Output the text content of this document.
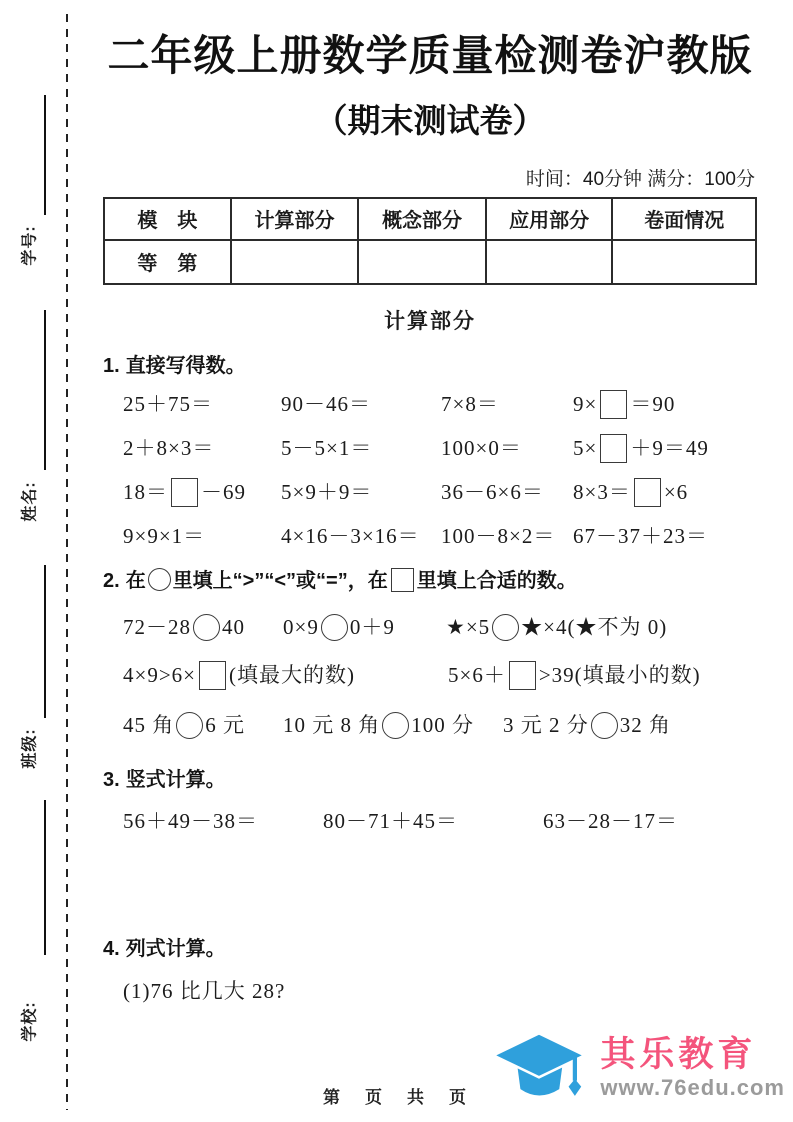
学号:
姓名:
班级:
学校:
二年级上册数学质量检测卷沪教版
（期末测试卷）
时间：40分钟 满分：100分
模　块	计算部分	概念部分	应用部分	卷面情况
等　第				
计算部分
1. 直接写得数。
25＋75＝	90－46＝	7×8＝	9× ＝90
2＋8×3＝	5－5×1＝	100×0＝	5× ＋9＝49
18＝ －69	5×9＋9＝	36－6×6＝	8×3＝ ×6
9×9×1＝	4×16－3×16＝	100－8×2＝ 67－37＋23＝
2. 在 里填上“>”“<”或“=”，在 里填上合适的数。
72－28 40	0×9 0＋9	★×5 ★×4(★不为 0)
4×9>6× (填最大的数)	5×6＋ >39(填最小的数)
45 角 6 元	10 元 8 角 100 分	3 元 2 分 32 角
3. 竖式计算。
56＋49－38＝	80－71＋45＝	63－28－17＝
4. 列式计算。
(1)76 比几大 28?
第　页　共　页
其乐教育
www.76edu.com
